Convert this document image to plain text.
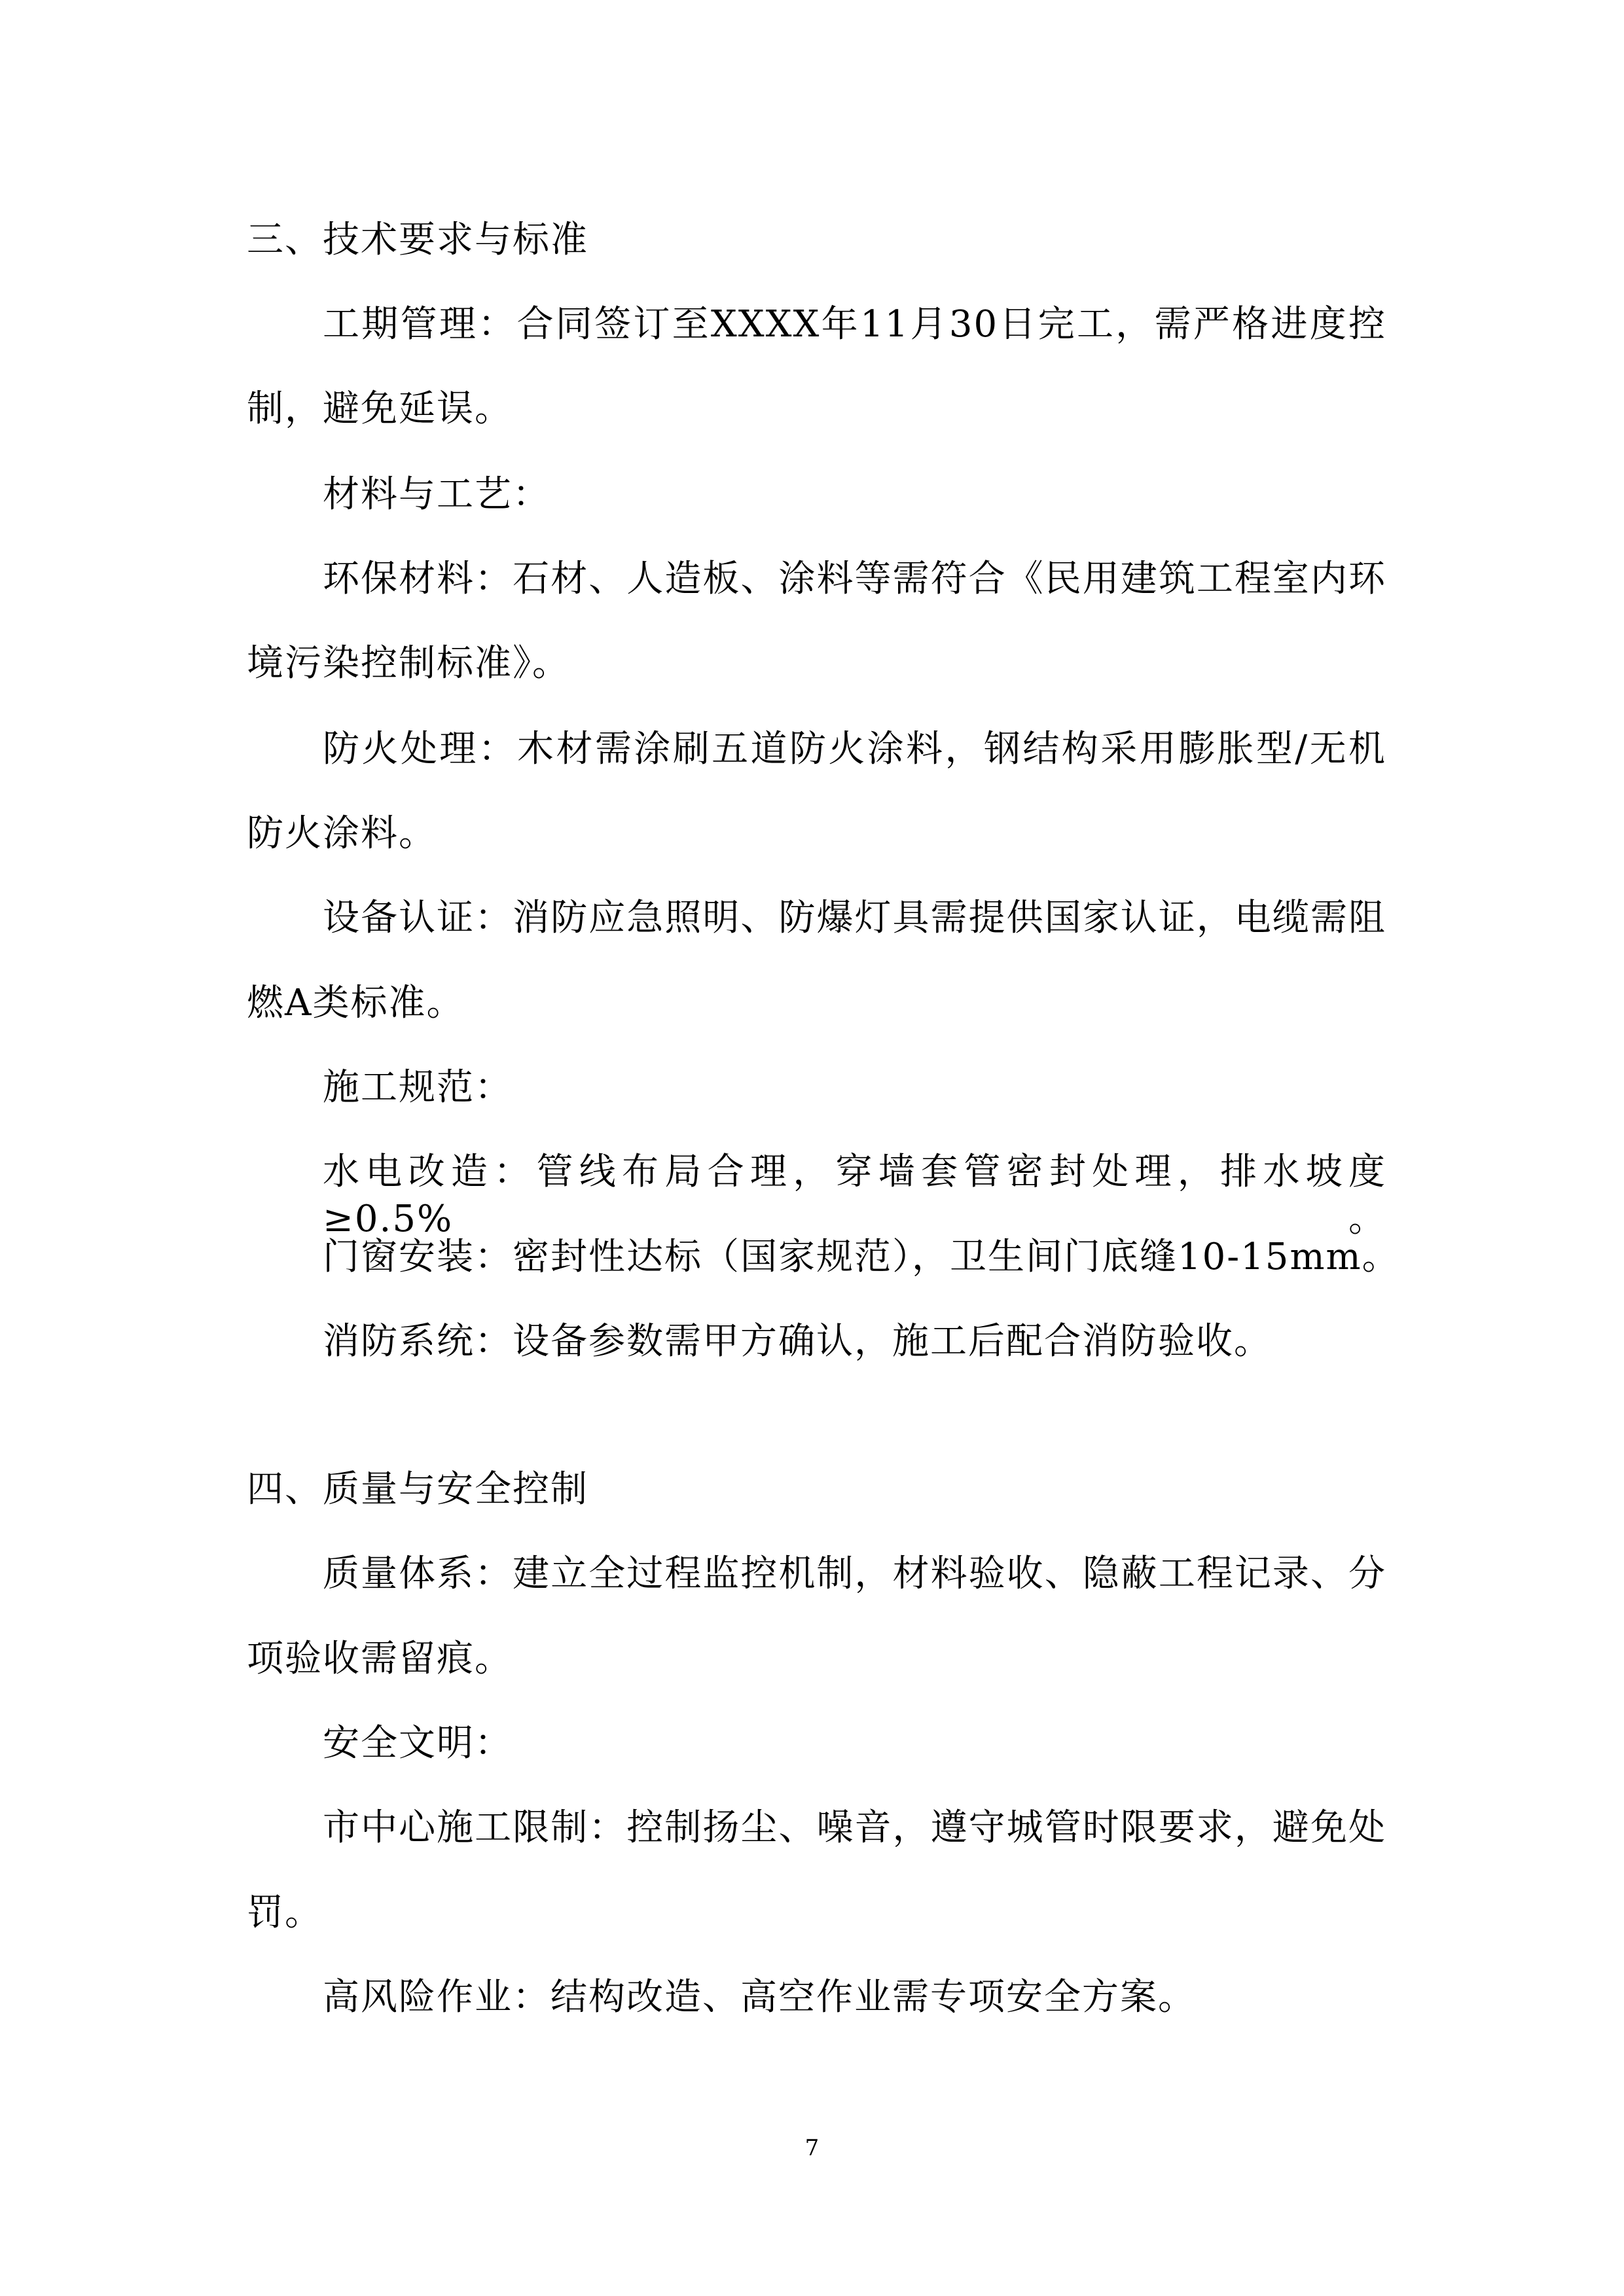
三、技术要求与标准
工期管理：合同签订至XXXX年11月30日完工，需严格进度控
制，避免延误。
材料与工艺：
环保材料：石材、人造板、涂料等需符合《民用建筑工程室内环
境污染控制标准》。
防火处理：木材需涂刷五道防火涂料，钢结构采用膨胀型/无机
防火涂料。
设备认证：消防应急照明、防爆灯具需提供国家认证，电缆需阻
燃A类标准。
施工规范：
水电改造：管线布局合理，穿墙套管密封处理，排水坡度≥0.5%。
门窗安装：密封性达标（国家规范），卫生间门底缝10-15mm。
消防系统：设备参数需甲方确认，施工后配合消防验收。
四、质量与安全控制
质量体系：建立全过程监控机制，材料验收、隐蔽工程记录、分
项验收需留痕。
安全文明：
市中心施工限制：控制扬尘、噪音，遵守城管时限要求，避免处
罚。
高风险作业：结构改造、高空作业需专项安全方案。
7
